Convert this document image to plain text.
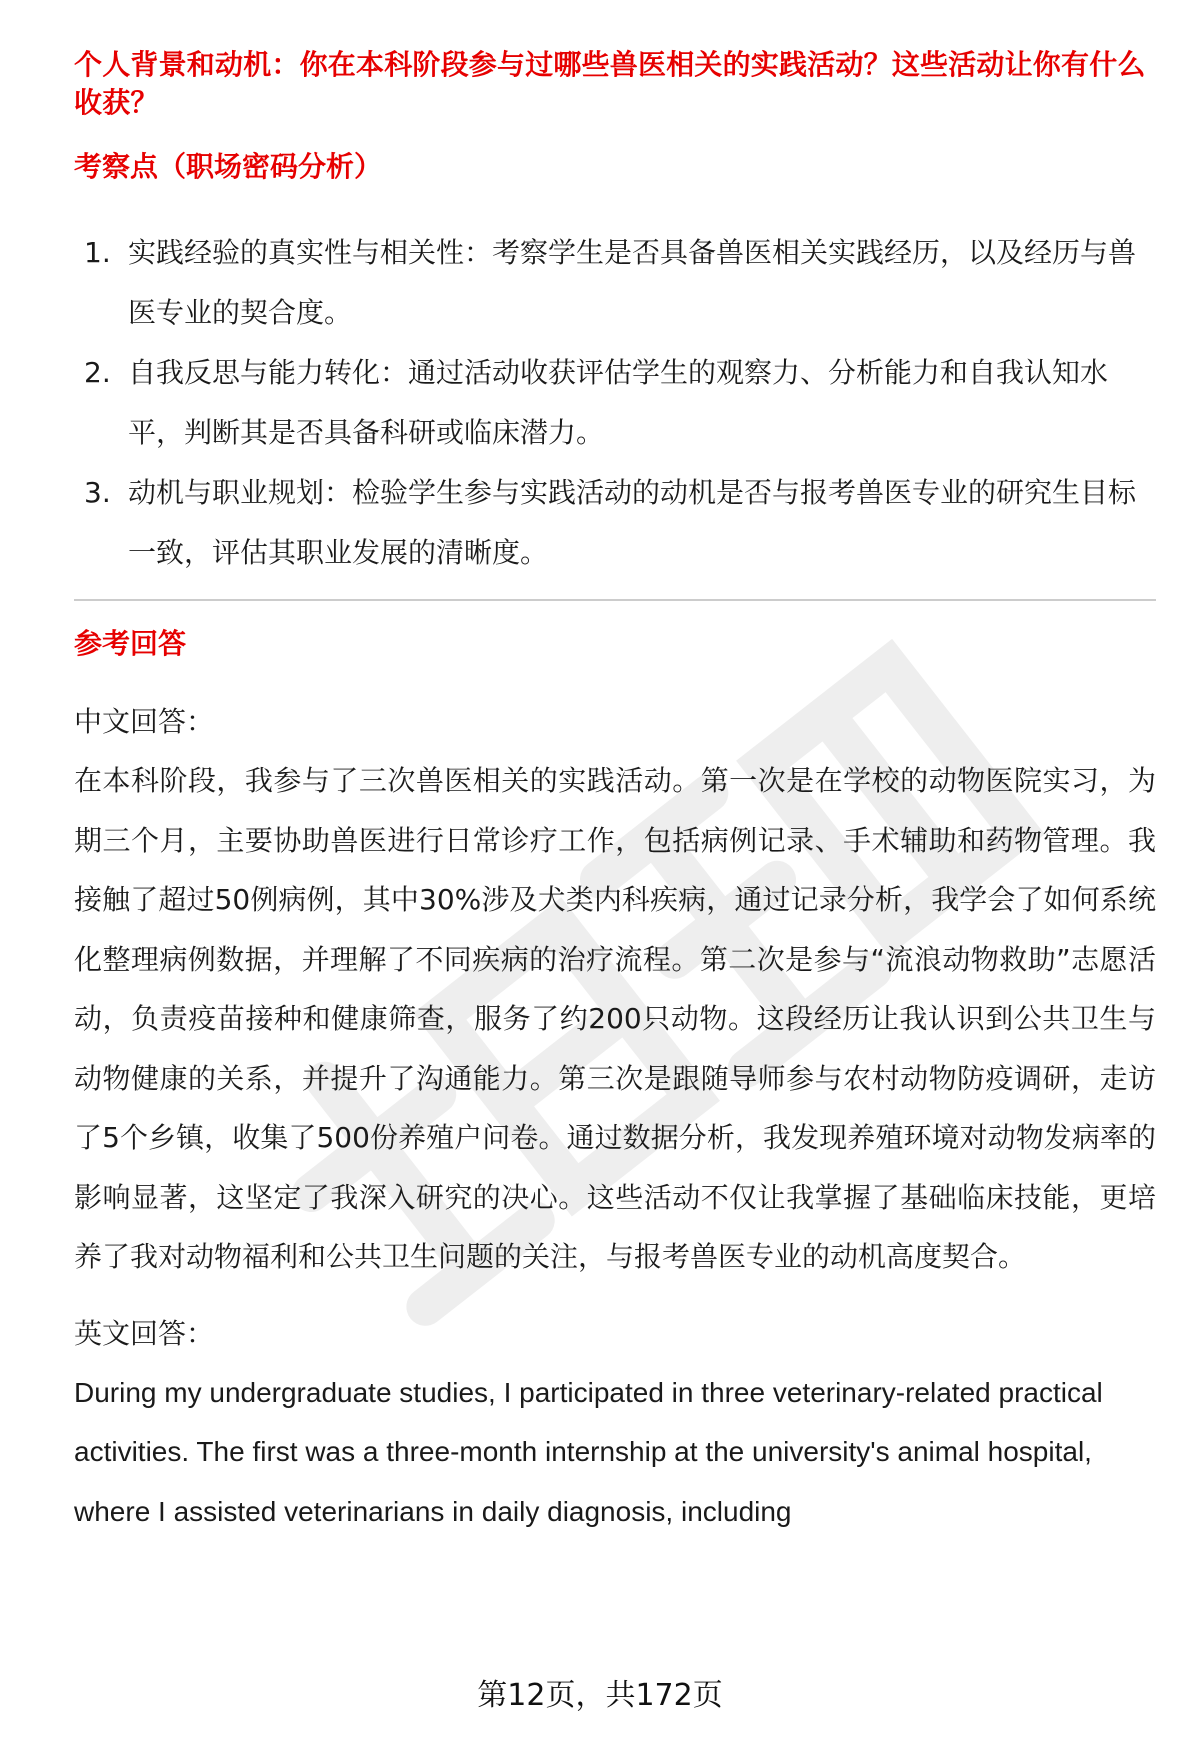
个人背景和动机：你在本科阶段参与过哪些兽医相关的实践活动？这些活动让你有什么收获？

考察点（职场密码分析）

1. 实践经验的真实性与相关性：考察学生是否具备兽医相关实践经历，以及经历与兽医专业的契合度。
2. 自我反思与能力转化：通过活动收获评估学生的观察力、分析能力和自我认知水平，判断其是否具备科研或临床潜力。
3. 动机与职业规划：检验学生参与实践活动的动机是否与报考兽医专业的研究生目标一致，评估其职业发展的清晰度。

参考回答

中文回答：

在本科阶段，我参与了三次兽医相关的实践活动。第一次是在学校的动物医院实习，为期三个月，主要协助兽医进行日常诊疗工作，包括病例记录、手术辅助和药物管理。我接触了超过50例病例，其中30%涉及犬类内科疾病，通过记录分析，我学会了如何系统化整理病例数据，并理解了不同疾病的治疗流程。第二次是参与“流浪动物救助”志愿活动，负责疫苗接种和健康筛查，服务了约200只动物。这段经历让我认识到公共卫生与动物健康的关系，并提升了沟通能力。第三次是跟随导师参与农村动物防疫调研，走访了5个乡镇，收集了500份养殖户问卷。通过数据分析，我发现养殖环境对动物发病率的影响显著，这坚定了我深入研究的决心。这些活动不仅让我掌握了基础临床技能，更培养了我对动物福利和公共卫生问题的关注，与报考兽医专业的动机高度契合。

英文回答：

During my undergraduate studies, I participated in three veterinary-related practical activities. The first was a three-month internship at the university's animal hospital, where I assisted veterinarians in daily diagnosis, including

第12页，共172页
